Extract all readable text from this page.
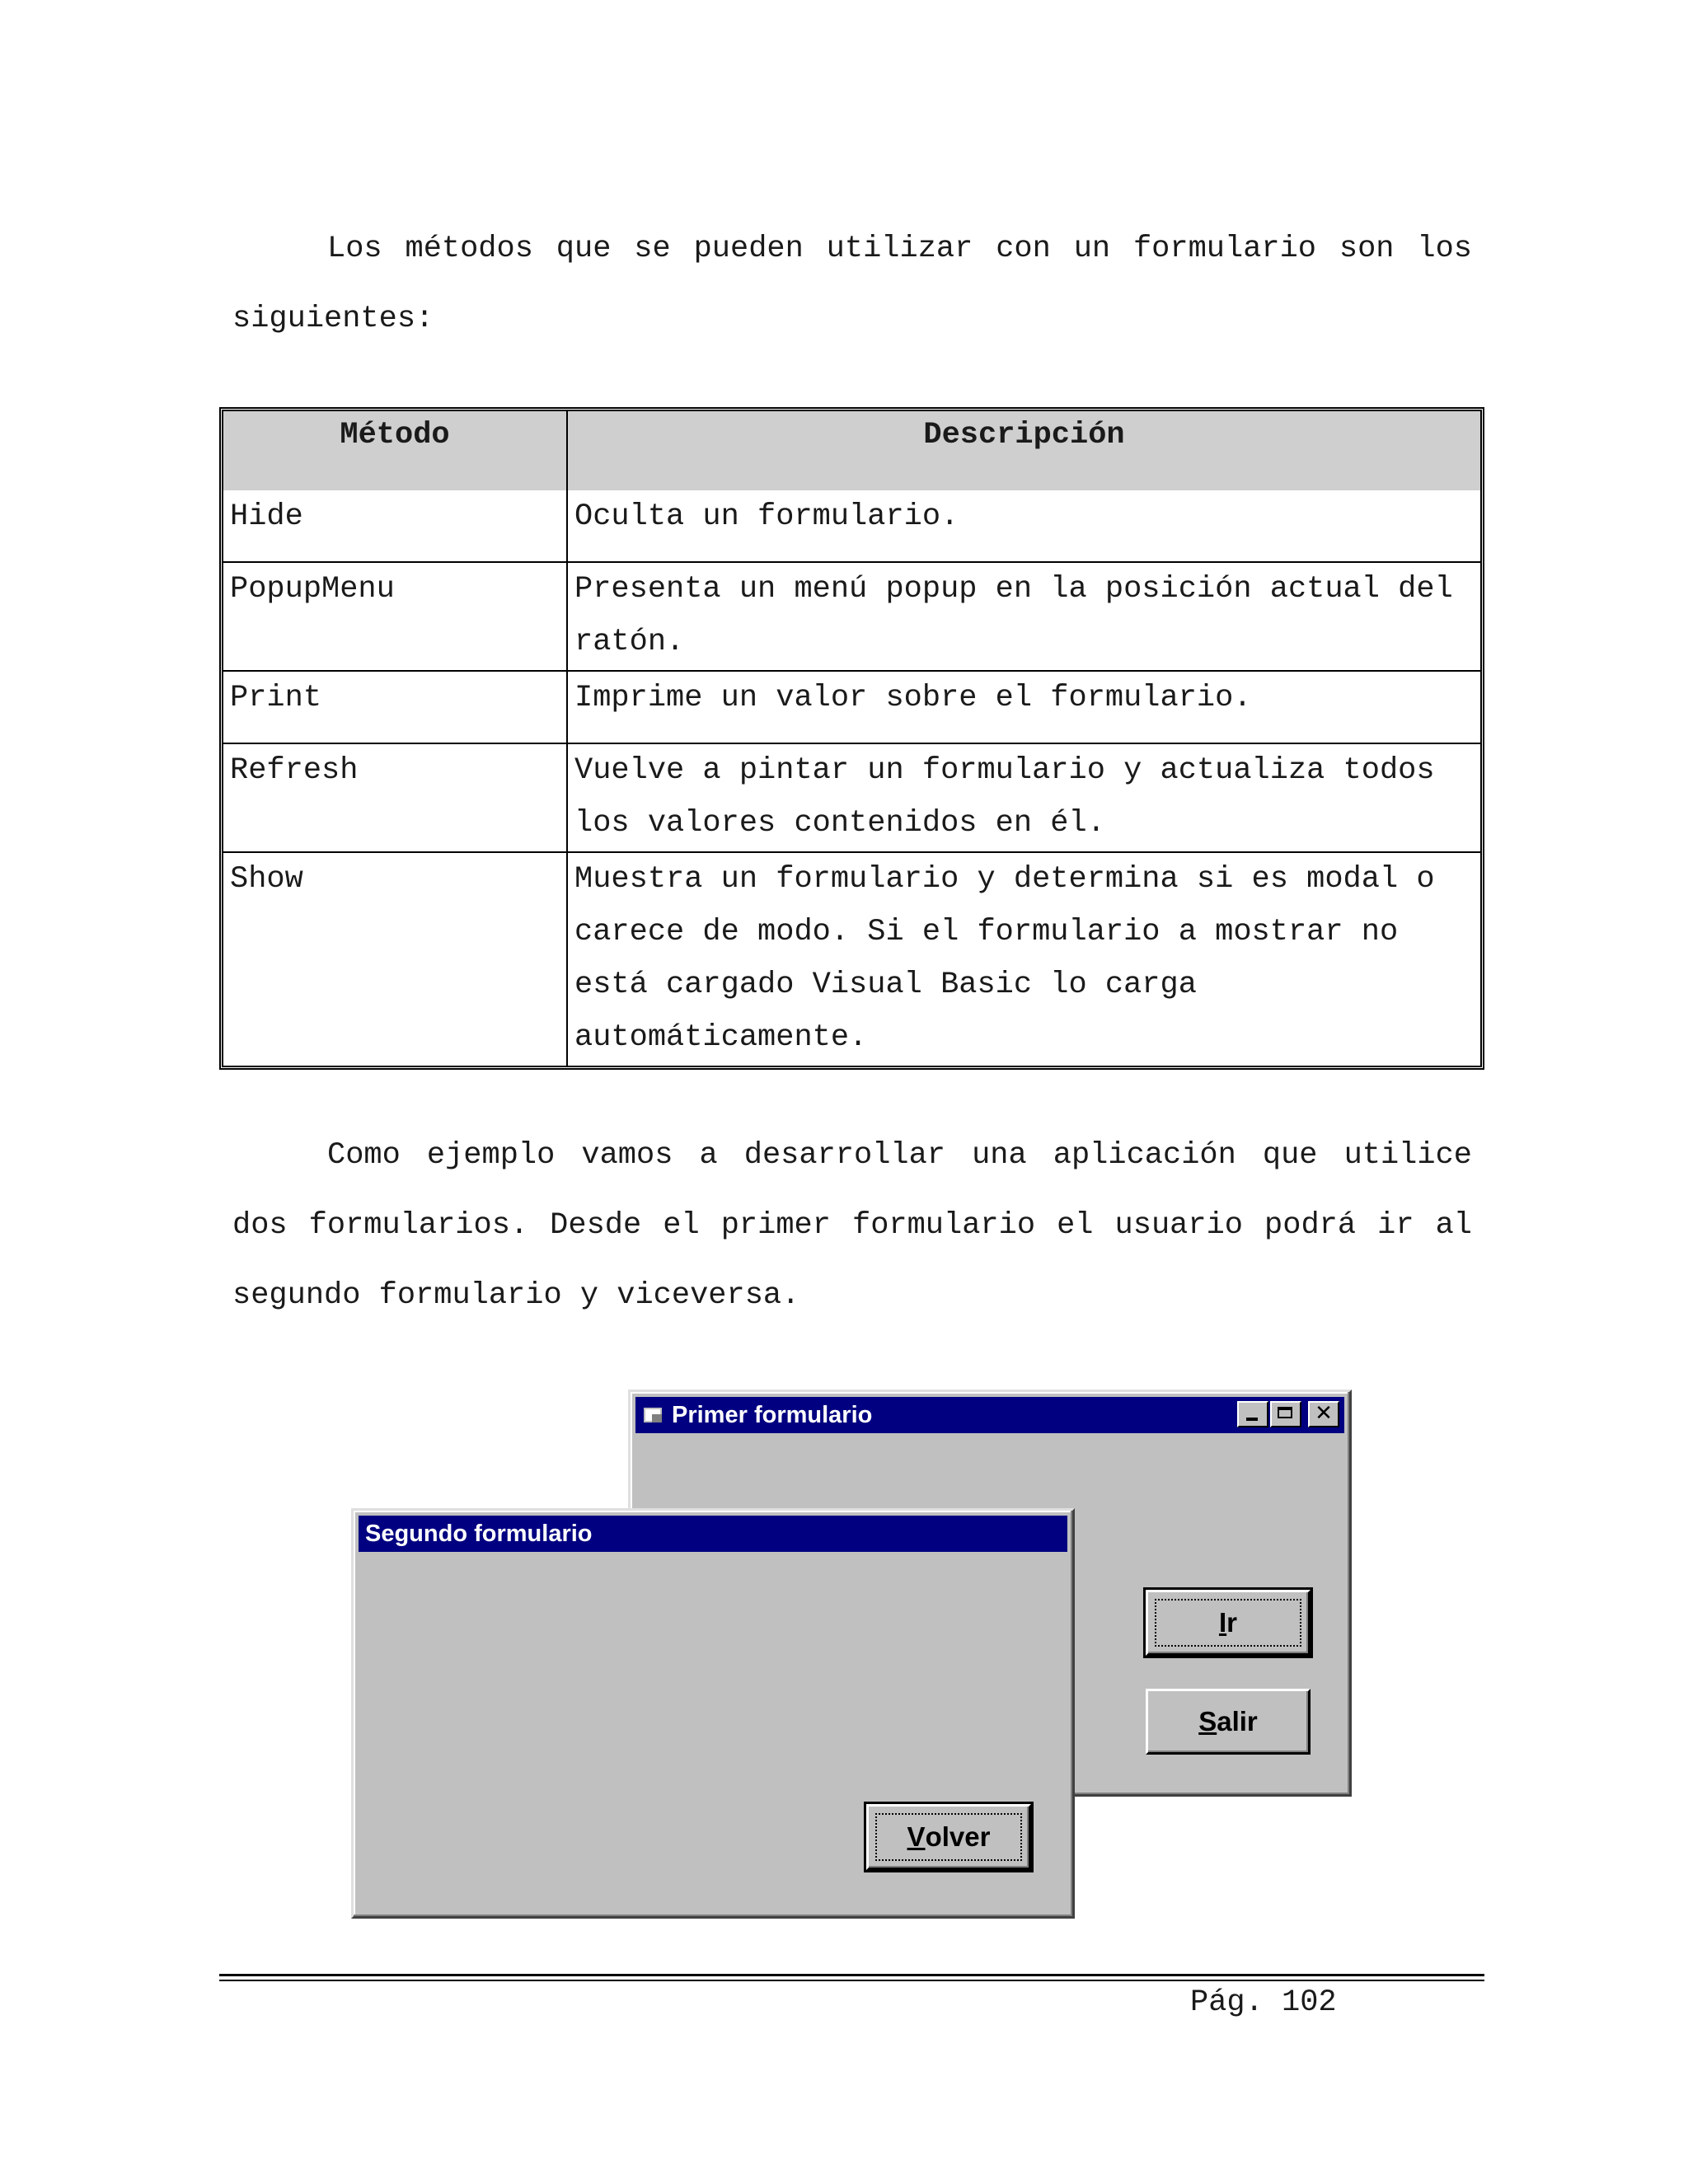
Los métodos que se pueden utilizar con un formulario son los siguientes:

Método	Descripción
Hide	Oculta un formulario.
PopupMenu	Presenta un menú popup en la posición actual del ratón.
Print	Imprime un valor sobre el formulario.
Refresh	Vuelve a pintar un formulario y actualiza todos los valores contenidos en él.
Show	Muestra un formulario y determina si es modal o carece de modo. Si el formulario a mostrar no está cargado Visual Basic lo carga automáticamente.

Como ejemplo vamos a desarrollar una aplicación que utilice dos formularios. Desde el primer formulario el usuario podrá ir al segundo formulario y viceversa.

Primer formulario	✕
I r
S alir
Segundo formulario
V olver
Pág. 102
